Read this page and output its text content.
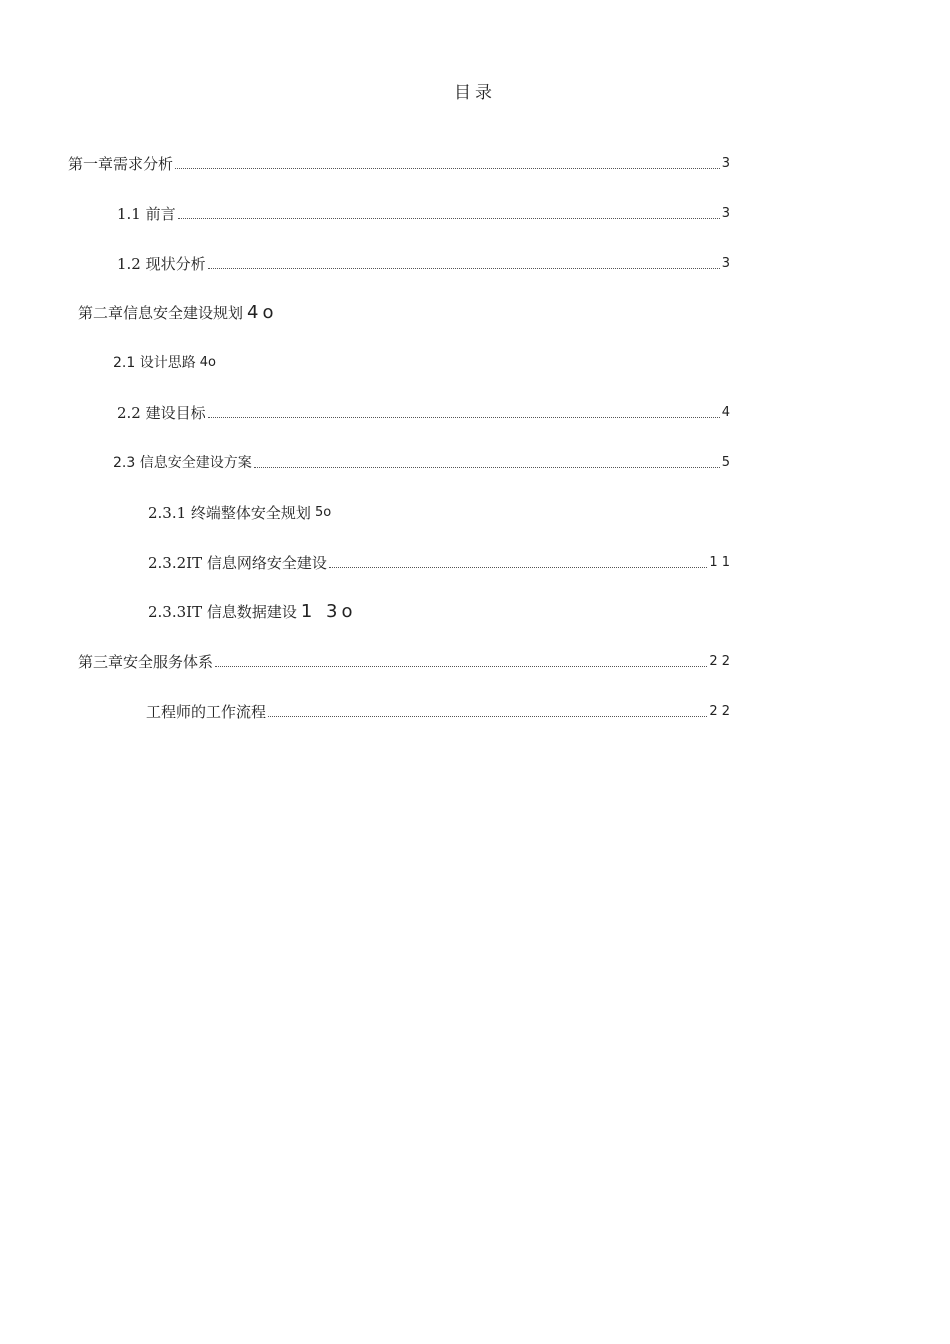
目录
第一章需求分析	3
1.1 前言	3
1.2 现状分析	3
第二章信息安全建设规划 4o
2.1 设计思路 4o
2.2 建设目标	4
2.3 信息安全建设方案	5
2.3.1 终端整体安全规划 5o
2.3.2IT 信息网络安全建设	1 1
2.3.3IT 信息数据建设 1 3o
第三章安全服务体系	2 2
工程师的工作流程	2 2
